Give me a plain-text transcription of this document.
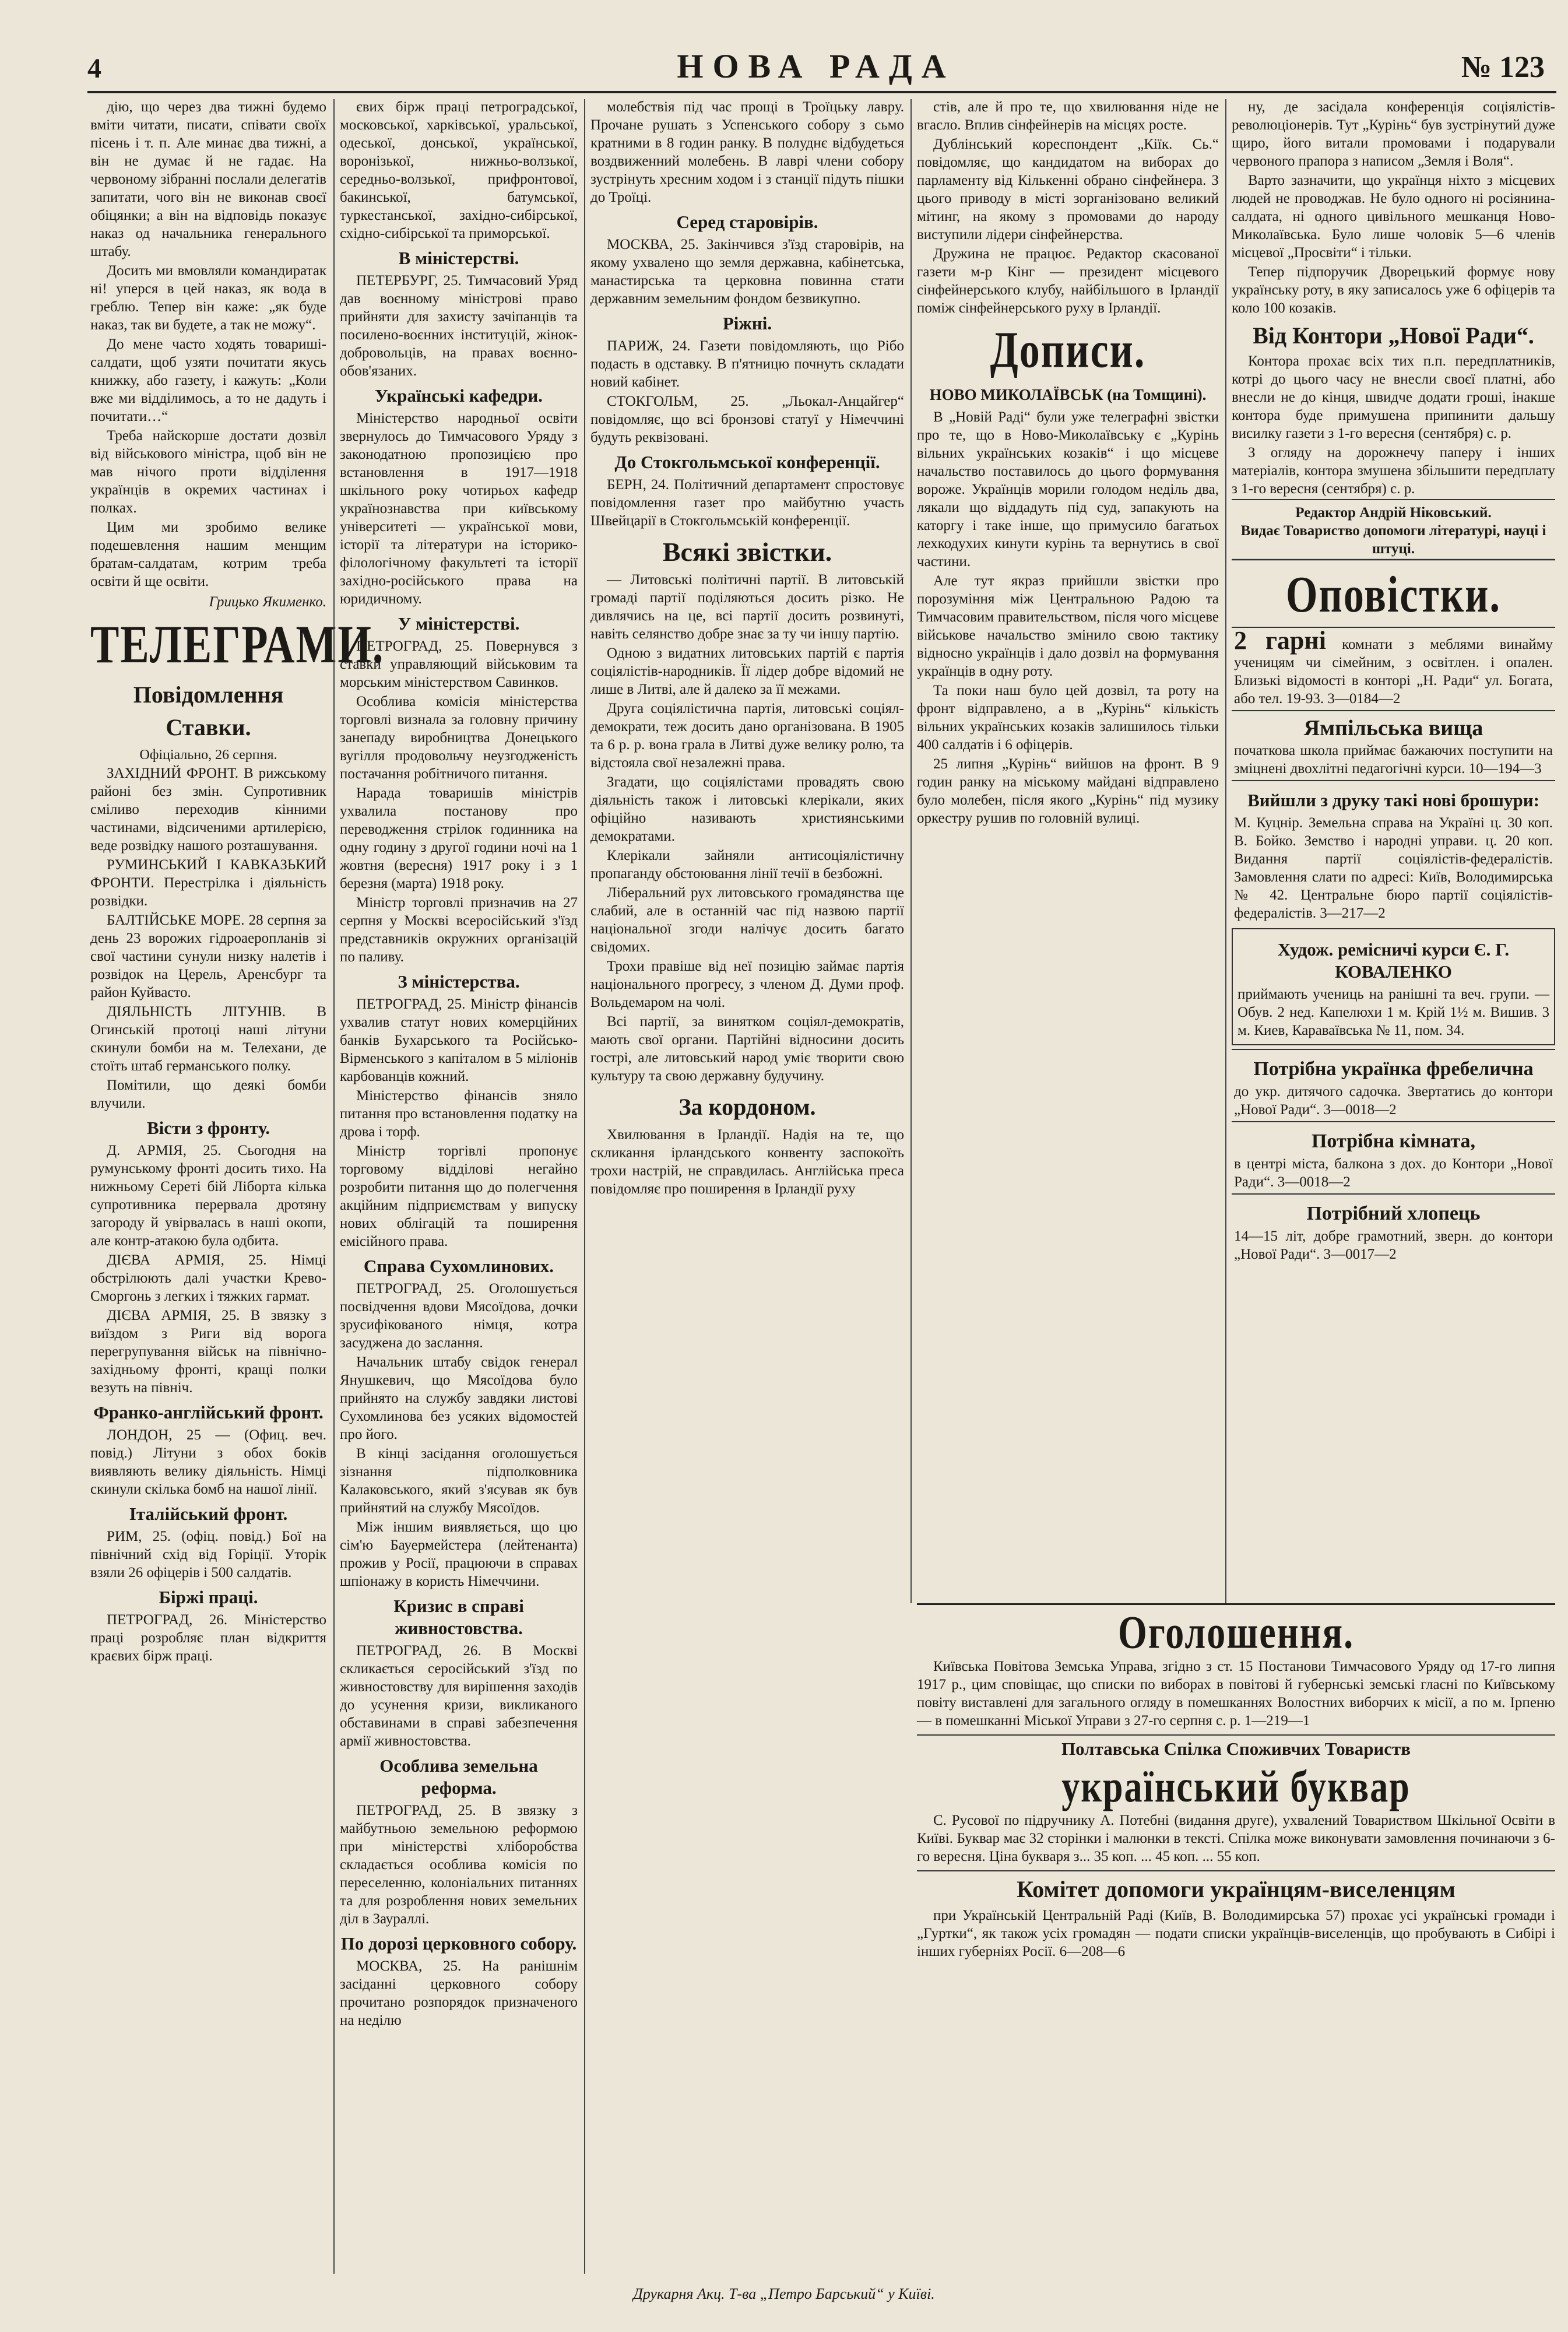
4	НОВА РАДА	№ 123

дію, що через два тижні будемо вміти читати, писати, співати своїх пісень і т. п. Але минає два тижні, а він не думає й не гадає. На червоному зібранні послали делегатів запитати, чого він не виконав своєї обіцянки; а він на відповідь показує наказ од начальника генерального штабу.

Досить ми вмовляли командиратак ні! уперся в цей наказ, як вода в греблю. Тепер він каже: „як буде наказ, так ви будете, а так не можу“.

До мене часто ходять товариші-салдати, щоб узяти почитати якусь книжку, або газету, і кажуть: „Коли вже ми відділимось, а то не дадуть і почитати…“

Треба найскорше достати дозвіл від військового міністра, щоб він не мав нічого проти відділення українців в окремих частинах і полках.

Цим ми зробимо велике подешевлення нашим менщим братам-салдатам, котрим треба освіти й ще освіти.

Грицько Якименко.
ТЕЛЕГРАМИ.
Повідомлення Ставки.
Офіціально, 26 серпня.

ЗАХІДНИЙ ФРОНТ. В рижському районі без змін. Супротивник сміливо переходив кінними частинами, відсиченими артилерією, веде розвідку нашого розташування.

РУМИНСЬКИЙ І КАВКАЗЬКИЙ ФРОНТИ. Перестрілка і діяльність розвідки.

БАЛТІЙСЬКЕ МОРЕ. 28 серпня за день 23 ворожих гідроаеропланів зі свої частини сунули низку налетів і розвідок на Церель, Аренсбург та район Куйвасто.

ДІЯЛЬНІСТЬ ЛІТУНІВ. В Огинській протоці наші літуни скинули бомби на м. Телехани, де стоїть штаб германського полку.

Помітили, що деякі бомби влучили.

Вісти з фронту.

Д. АРМІЯ, 25. Сьогодня на румунському фронті досить тихо. На нижньому Сереті бій Ліборта кілька супротивника перервала дротяну загороду й увірвалась в наші окопи, але контр-атакою була одбита.

ДІЄВА АРМІЯ, 25. Німці обстрілюють далі участки Крево-Сморгонь з легких і тяжких гармат.

ДІЄВА АРМІЯ, 25. В звязку з виїздом з Риги від ворога перегрупування військ на північно-західньому фронті, кращі полки везуть на північ.

Франко-англійський фронт.

ЛОНДОН, 25 — (Офиц. веч. повід.) Літуни з обох боків виявляють велику діяльність. Німці скинули скілька бомб на нашої лінії.

Італійський фронт.

РИМ, 25. (офіц. повід.) Бої на північний схід від Горіції. Уторік взяли 26 офіцерів і 500 салдатів.

Біржі праці.

ПЕТРОГРАД, 26. Міністерство праці розробляє план відкриття краєвих бірж праці.

євих бірж праці петроградської, московської, харківської, уральської, одеської, донської, української, воронізької, нижньо-волзької, середньо-волзької, прифронтової, бакинської, батумської, туркестанської, західно-сибірської, східно-сибірської та приморської.

В міністерстві.

ПЕТЕРБУРГ, 25. Тимчасовий Уряд дав воєнному міністрові право прийняти для захисту зачіпанців та посилено-воєнних інституцій, жінок-добровольців, на правах воєнно-обов'язаних.

Українські кафедри.

Міністерство народньої освіти звернулось до Тимчасового Уряду з законодатною пропозицією про встановлення в 1917—1918 шкільного року чотирьох кафедр українознавства при київському університеті — української мови, історії та літератури на історико-філологічному факультеті та історії західно-російського права на юридичному.

У міністерстві.

ПЕТРОГРАД, 25. Повернувся з ставки управляющий військовим та морським міністерством Савинков.

Особлива комісія міністерства торговлі визнала за головну причину занепаду виробництва Донецького вугілля продовольчу неузгодженість постачання робітничого питання.

Нарада товаришів міністрів ухвалила постанову про переводження стрілок годинника на одну годину з другої години ночі на 1 жовтня (вересня) 1917 року і з 1 березня (марта) 1918 року.

Міністр торговлі призначив на 27 серпня у Москві всеросійський з'їзд представників окружних організацій по паливу.

З міністерства.

ПЕТРОГРАД, 25. Міністр фінансів ухвалив статут нових комерційних банків Бухарського та Російсько-Вірменського з капіталом в 5 міліонів карбованців кожний.

Міністерство фінансів зняло питання про встановлення податку на дрова і торф.

Міністр торгівлі пропонує торговому відділові негайно розробити питання що до полегчення акційним підприємствам у випуску нових облігацій та поширення емісійного права.

Справа Сухомлинових.

ПЕТРОГРАД, 25. Оголошується посвідчення вдови Мясоїдова, дочки зрусифікованого німця, котра засуджена до заслання.

Начальник штабу свідок генерал Янушкевич, що Мясоїдова було прийнято на службу завдяки листові Сухомлинова без усяких відомостей про його.

В кінці засідання оголошується зізнання підполковника Калаковського, який з'ясував як був прийнятий на службу Мясоїдов.

Між іншим виявляється, що цю сім'ю Бауермейстера (лейтенанта) прожив у Росії, працюючи в справах шпіонажу в користь Німеччини.

Кризис в справі живностовства.

ПЕТРОГРАД, 26. В Москві скликається серосійський з'їзд по живностовству для вирішення заходів до усунення кризи, викликаного обставинами в справі забезпечення армії живностовства.

Особлива земельна реформа.

ПЕТРОГРАД, 25. В звязку з майбутньою земельною реформою при міністерстві хліборобства складається особлива комісія по переселенню, колоніальних питаннях та для розроблення нових земельних діл в Заураллі.

По дорозі церковного собору.

МОСКВА, 25. На ранішнім засіданні церковного собору прочитано розпорядок призначеного на неділю

молебствія під час прощі в Троїцьку лавру. Прочане рушать з Успенського собору з сьмо кратними в 8 годин ранку. В полуднє відбудеться воздвиженний молебень. В лаврі члени собору зустрінуть хресним ходом і з станції підуть пішки до Троїці.

Серед старовірів.

МОСКВА, 25. Закінчився з'їзд старовірів, на якому ухвалено що земля державна, кабінетська, манастирська та церковна повинна стати державним земельним фондом безвикупно.

Ріжні.

ПАРИЖ, 24. Газети повідомляють, що Рібо подасть в одставку. В п'ятницю почнуть складати новий кабінет.

СТОКГОЛЬМ, 25. „Льокал-Анцайгер“ повідомляє, що всі бронзові статуї у Німеччині будуть реквізовані.

До Стокгольмської конференції.

БЕРН, 24. Політичний департамент спростовує повідомлення газет про майбутню участь Швейцарії в Стокгольмській конференції.

Всякі звістки.

— Литовські політичні партії. В литовській громаді партії поділяються досить різко. Не дивлячись на це, всі партії досить розвинуті, навіть селянство добре знає за ту чи іншу партію.

Одною з видатних литовських партій є партія соціялістів-народників. Її лідер добре відомий не лише в Литві, але й далеко за її межами.

Друга соціялістична партія, литовські соціял-демократи, теж досить дано організована. В 1905 та 6 р. р. вона грала в Литві дуже велику ролю, та відстояла свої незалежні права.

Згадати, що соціялістами провадять свою діяльність також і литовські клерікали, яких офіційно називають християнськими демократами.

Клерікали зайняли антисоціялістичну пропаганду обстоювання лінії течії в безбожні.

Ліберальний рух литовського громадянства ще слабий, але в останній час під назвою партії національної згоди налічує досить багато свідомих.

Трохи правіше від неї позицію займає партія національного прогресу, з членом Д. Думи проф. Вольдемаром на чолі.

Всі партії, за винятком соціял-демократів, мають свої органи. Партійні відносини досить гострі, але литовський народ уміє творити свою культуру та свою державну будучину.

За кордоном.

Хвилювання в Ірландії. Надія на те, що скликання ірландського конвенту заспокоїть трохи настрій, не справдилась. Англійська преса повідомляє про поширення в Ірландії руху

стів, але й про те, що хвилювання ніде не вгасло. Вплив сінфейнерів на місцях росте.

Дублінський кореспондент „Кіїк. Сь.“ повідомляє, що кандидатом на виборах до парламенту від Кількенні обрано сінфейнера. З цього приводу в місті зорганізовано великий мітинг, на якому з промовами до народу виступили лідери сінфейнерства.

Дружина не працює. Редактор скасованої газети м-р Кінг — президент місцевого сінфейнерського клубу, найбільшого в Ірландії поміж сінфейнерського руху в Ірландії.

Дописи.
НОВО МИКОЛАЇВСЬК (на Томщині).

В „Новій Раді“ були уже телеграфні звістки про те, що в Ново-Миколаївську є „Курінь вільних українських козаків“ і що місцеве начальство поставилось до цього формування вороже. Українців морили голодом неділь два, лякали що віддадуть під суд, запакують на каторгу і таке інше, що примусило багатьох лехкодухих кинути курінь та вернутись в свої частини.

Але тут якраз прийшли звістки про порозуміння між Центральною Радою та Тимчасовим правительством, після чого місцеве військове начальство змінило свою тактику відносно українців і дало дозвіл на формування українців в одну роту.

Та поки наш було цей дозвіл, та роту на фронт відправлено, а в „Курінь“ кількість вільних українських козаків залишилось тільки 400 салдатів і 6 офіцерів.

25 липня „Курінь“ вийшов на фронт. В 9 годин ранку на міському майдані відправлено було молебен, після якого „Курінь“ під музику оркестру рушив по головній вулиці.

ну, де засідала конференція соціялістів-революціонерів. Тут „Курінь“ був зустрінутий дуже щиро, його витали промовами і подарували червоного прапора з написом „Земля і Воля“.

Варто зазначити, що українця ніхто з місцевих людей не проводжав. Не було одного ні росіянина-салдата, ні одного цивільного мешканця Ново-Миколаївська. Було лише чоловік 5—6 членів місцевої „Просвіти“ і тільки.

Тепер підпоручик Дворецький формує нову українську роту, в яку записалось уже 6 офіцерів та коло 100 козаків.

Від Контори „Нової Ради“.

Контора прохає всіх тих п.п. передплатників, котрі до цього часу не внесли своєї платні, або внесли не до кінця, швидче додати гроші, інакше контора буде примушена припинити дальшу висилку газети з 1-го вересня (сентября) с. р.

З огляду на дорожнечу паперу і інших матеріалів, контора змушена збільшити передплату з 1-го вересня (сентября) с. р.

Редактор Андрій Ніковський.
Видає Товариство допомоги літературі, науці і штуці.
Оповістки.
2 гарні комнати з меблями винайму ученицям чи сімейним, з освітлен. і опален. Близькі відомості в конторі „Н. Ради“ ул. Богата, або тел. 19-93. 3—0184—2
Ямпільська вища
початкова школа приймає бажаючих поступити на зміцнені двохлітні педагогічні курси. 10—194—3
Вийшли з друку такі нові брошури:
М. Куцнір. Земельна справа на Україні ц. 30 коп. В. Бойко. Земство і народні управи. ц. 20 коп. Видання партії соціялістів-федералістів. Замовлення слати по адресі: Київ, Володимирська № 42. Центральне бюро партії соціялістів-федералістів. 3—217—2
Худож. ремісничі курси Є. Г. КОВАЛЕНКО
приймають учениць на ранішні та веч. групи. — Обув. 2 нед. Капелюхи 1 м. Крій 1½ м. Вишив. 3 м. Киев, Караваївська № 11, пом. 34.
Потрібна українка фребелична
до укр. дитячого садочка. Звертатись до контори „Нової Ради“. 3—0018—2
Потрібна кімната,
в центрі міста, балкона з дох. до Контори „Нової Ради“. 3—0018—2
Потрібний хлопець
14—15 літ, добре грамотний, зверн. до контори „Нової Ради“. 3—0017—2
Оголошення.

Київська Повітова Земська Управа, згідно з ст. 15 Постанови Тимчасового Уряду од 17-го липня 1917 р., цим сповіщає, що списки по виборах в повітові й губернські земські гласні по Київському повіту виставлені для загального огляду в помешканнях Волостних виборчих к місії, а по м. Ірпеню — в помешканні Міської Управи з 27-го серпня с. р. 1—219—1

Полтавська Спілка Споживчих Товариств
український буквар

С. Русової по підручнику А. Потебні (видання друге), ухвалений Товариством Шкільної Освіти в Київі. Буквар має 32 сторінки і малюнки в тексті. Спілка може виконувати замовлення починаючи з 6-го вересня. Ціна букваря з... 35 коп. ... 45 коп. ... 55 коп.

Комітет допомоги українцям-виселенцям

при Українській Центральній Раді (Київ, В. Володимирська 57) прохає усі українські громади і „Гуртки“, як також усіх громадян — подати списки українців-виселенців, що пробувають в Сибірі і інших губерніях Росії. 6—208—6

Друкарня Акц. Т-ва „Петро Барський“ у Київі.
